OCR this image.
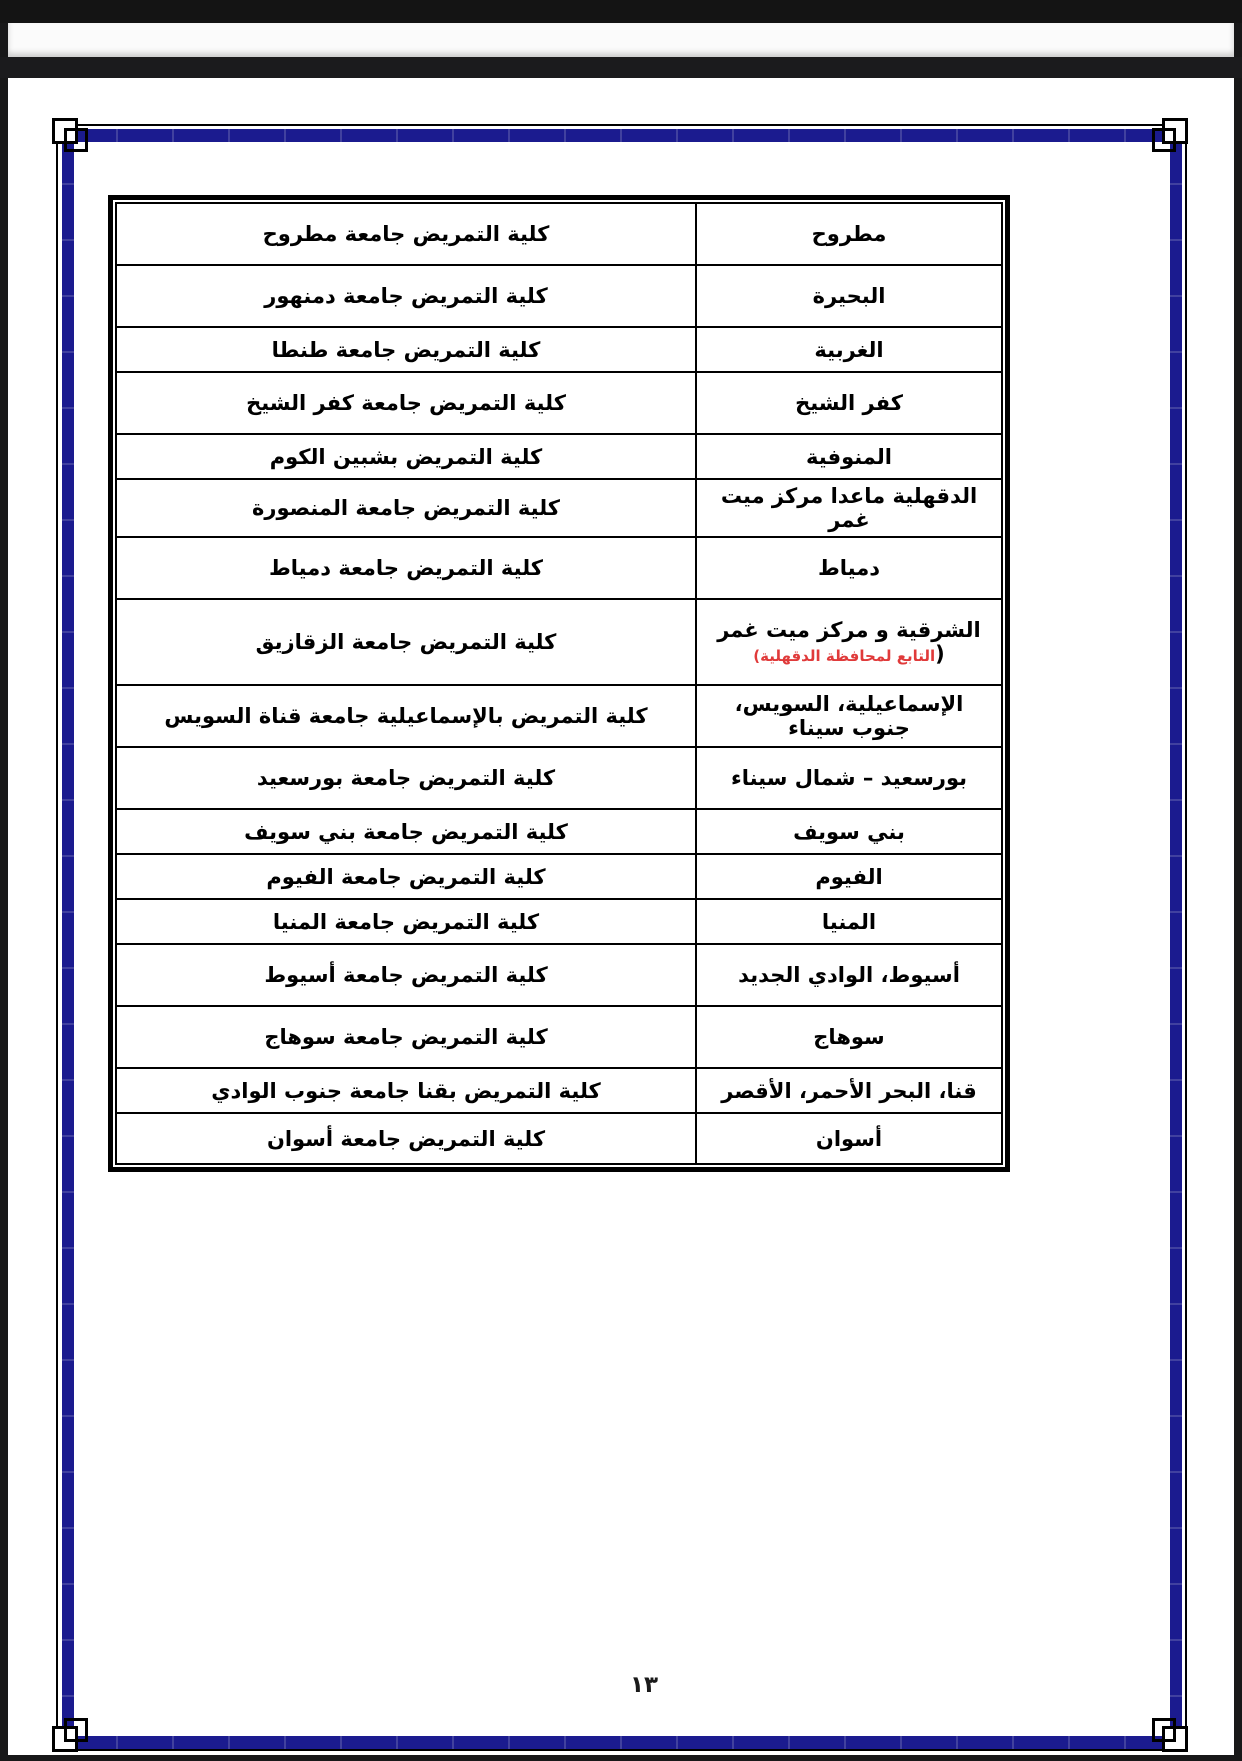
مطروح	كلية التمريض جامعة مطروح
البحيرة	كلية التمريض جامعة دمنهور
الغربية	كلية التمريض جامعة طنطا
كفر الشيخ	كلية التمريض جامعة كفر الشيخ
المنوفية	كلية التمريض بشبين الكوم
الدقهلية ماعدا مركز ميت غمر	كلية التمريض جامعة المنصورة
دمياط	كلية التمريض جامعة دمياط
الشرقية و مركز ميت غمر (التابع لمحافظة الدقهلية)	كلية التمريض جامعة الزقازيق
الإسماعيلية، السويس، جنوب سيناء	كلية التمريض بالإسماعيلية جامعة قناة السويس
بورسعيد – شمال سيناء	كلية التمريض جامعة بورسعيد
بني سويف	كلية التمريض جامعة بني سويف
الفيوم	كلية التمريض جامعة الفيوم
المنيا	كلية التمريض جامعة المنيا
أسيوط، الوادي الجديد	كلية التمريض جامعة أسيوط
سوهاج	كلية التمريض جامعة سوهاج
قنا، البحر الأحمر، الأقصر	كلية التمريض بقنا جامعة جنوب الوادي
أسوان	كلية التمريض جامعة أسوان
١٣
